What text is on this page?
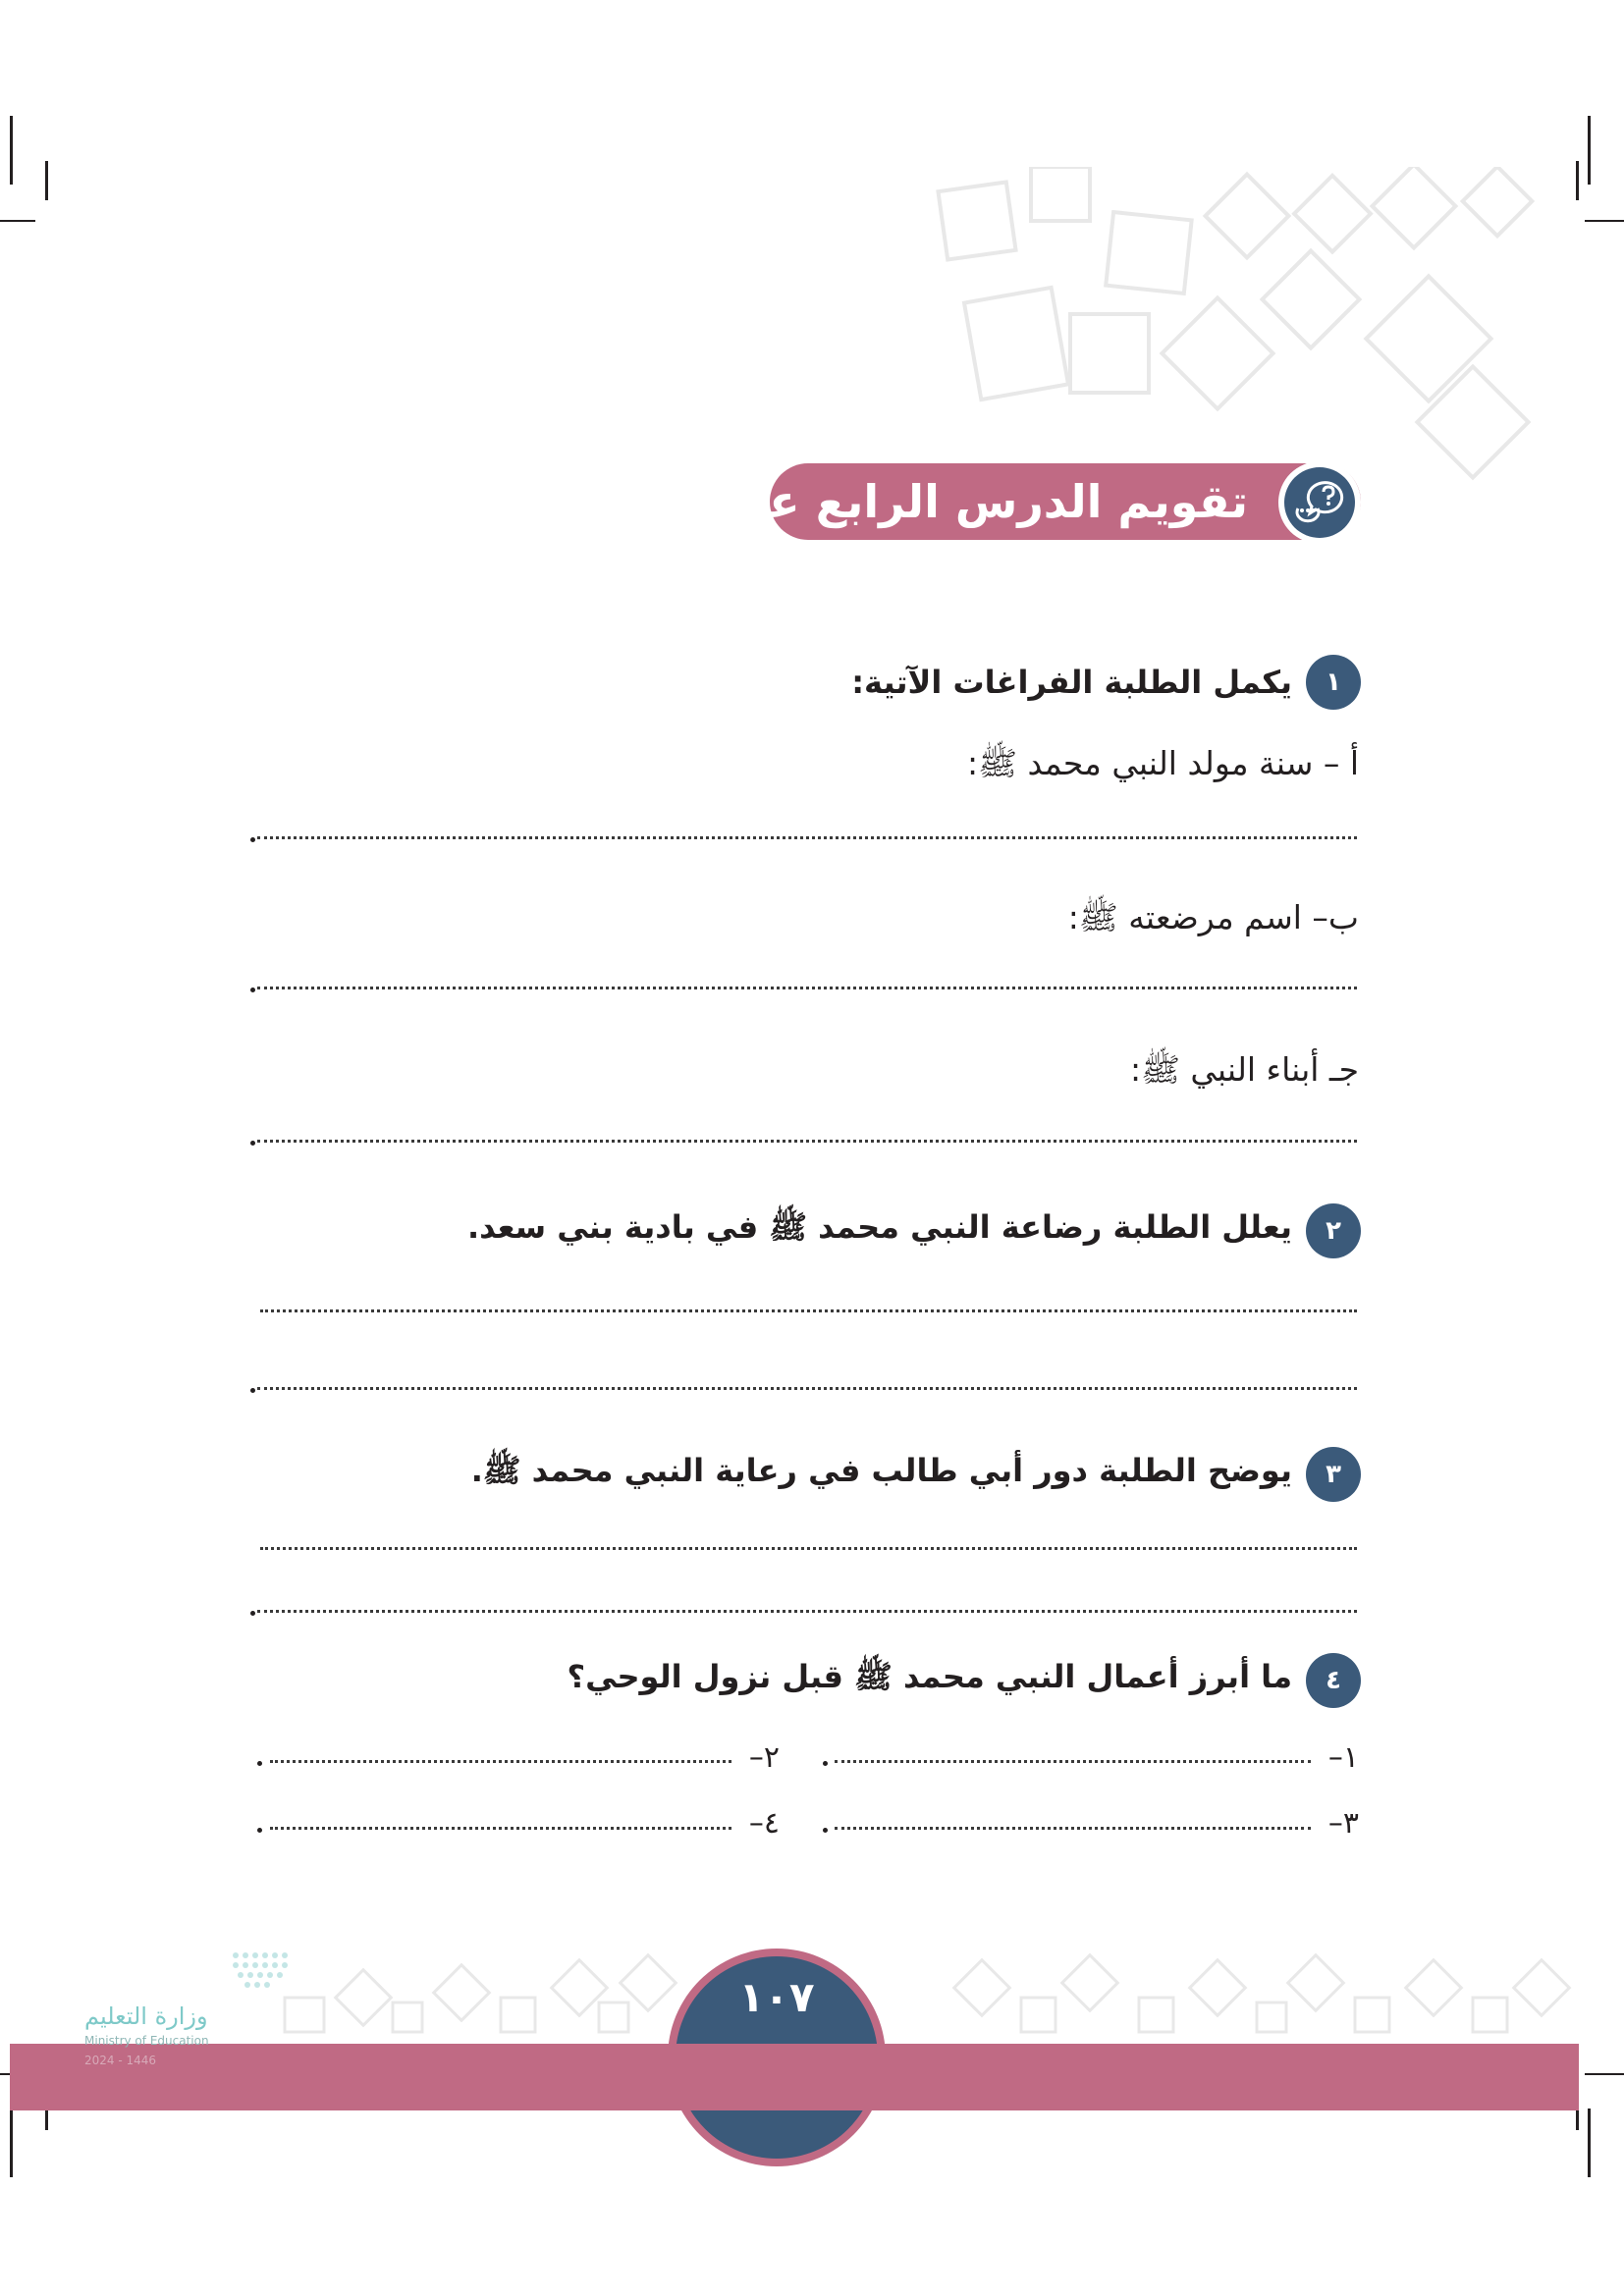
تقويم الدرس الرابع عشر
١
يكمل الطلبة الفراغات الآتية:
أ – سنة مولد النبي محمد ﷺ:
ب– اسم مرضعته ﷺ:
جـ أبناء النبي ﷺ:
٢
يعلل الطلبة رضاعة النبي محمد ﷺ في بادية بني سعد.
٣
يوضح الطلبة دور أبي طالب في رعاية النبي محمد ﷺ.
٤
ما أبرز أعمال النبي محمد ﷺ قبل نزول الوحي؟
١–
٢–
٣–
٤–
١٠٧
وزارة التعليم
Ministry of Education
2024 - 1446
